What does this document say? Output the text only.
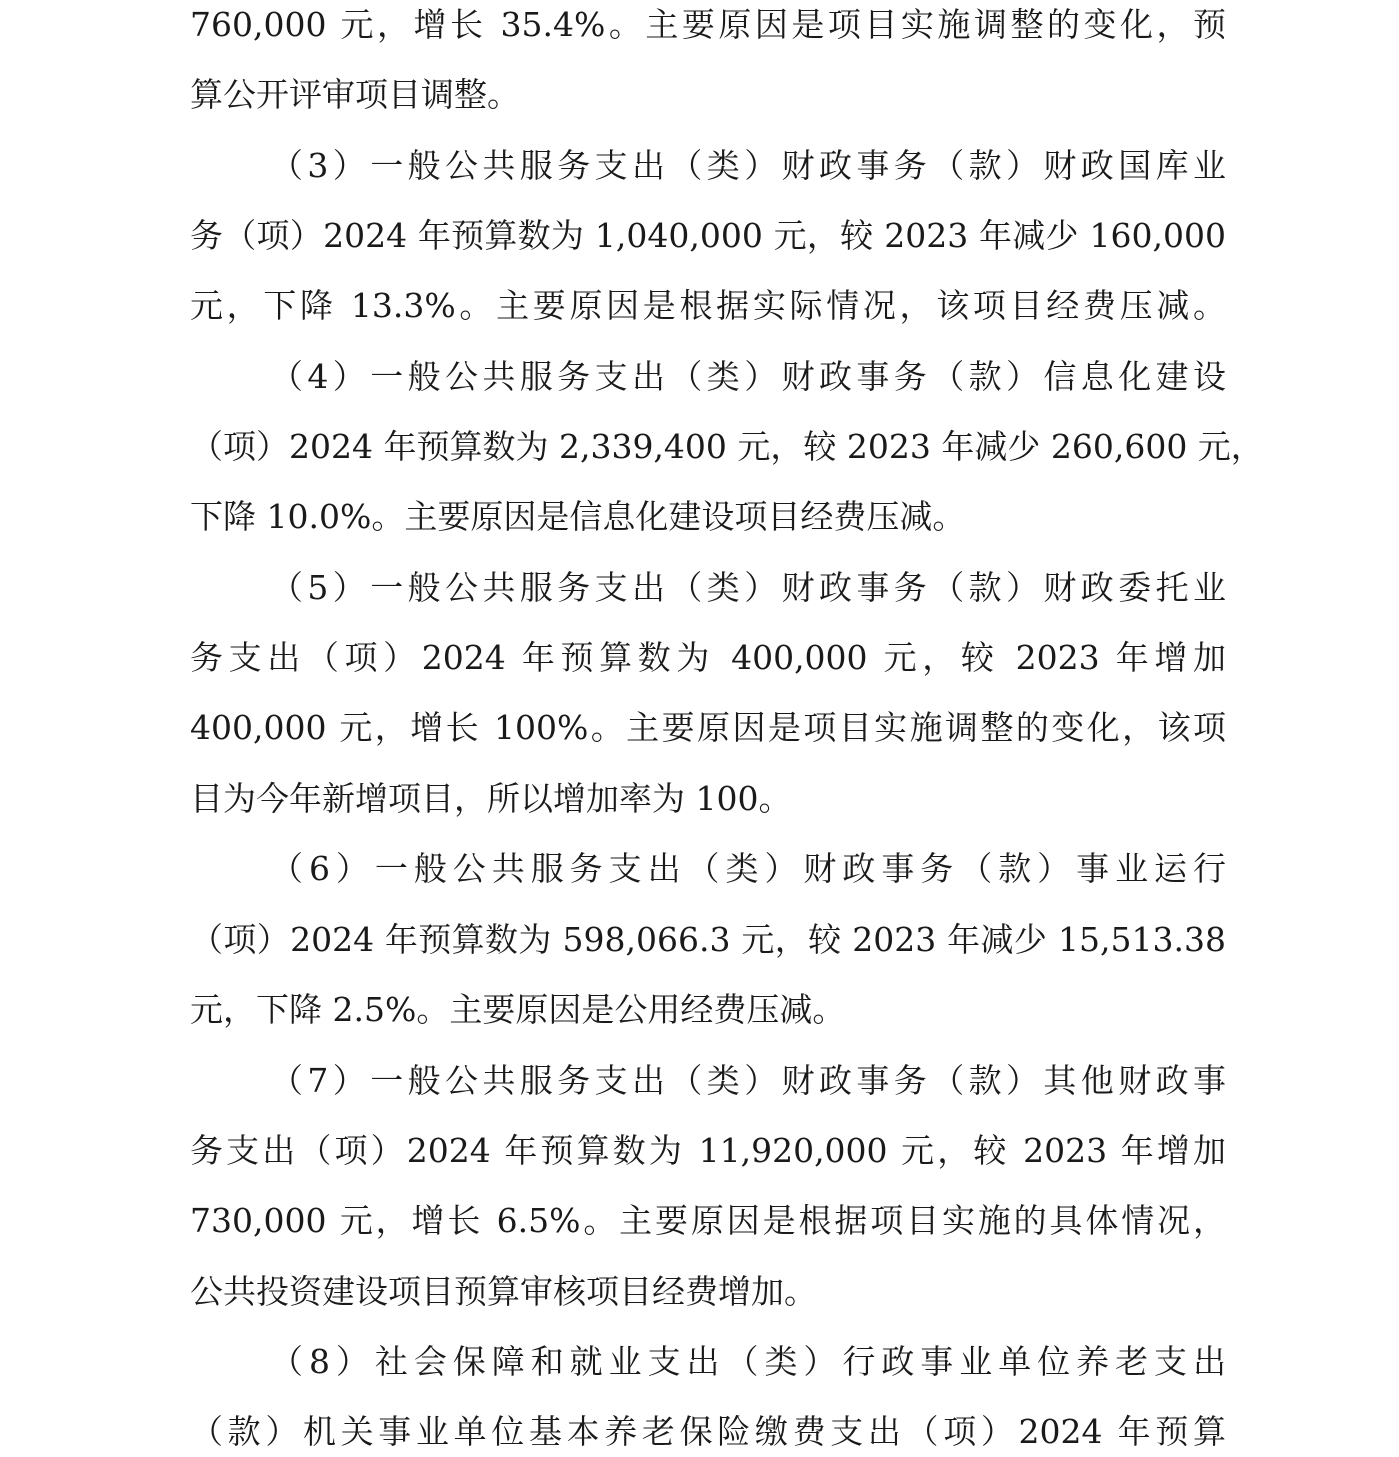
760,000 元，增长 35.4%。主要原因是项目实施调整的变化，预
算公开评审项目调整。
（3）一般公共服务支出（类）财政事务（款）财政国库业
务（项）2024 年预算数为 1,040,000 元，较 2023 年减少 160,000
元，下降 13.3%。主要原因是根据实际情况，该项目经费压减。
（4）一般公共服务支出（类）财政事务（款）信息化建设
（项）2024 年预算数为 2,339,400 元，较 2023 年减少 260,600 元，
下降 10.0%。主要原因是信息化建设项目经费压减。
（5）一般公共服务支出（类）财政事务（款）财政委托业
务支出（项）2024 年预算数为 400,000 元，较 2023 年增加
400,000 元，增长 100%。主要原因是项目实施调整的变化，该项
目为今年新增项目，所以增加率为 100。
（6）一般公共服务支出（类）财政事务（款）事业运行
（项）2024 年预算数为 598,066.3 元，较 2023 年减少 15,513.38
元，下降 2.5%。主要原因是公用经费压减。
（7）一般公共服务支出（类）财政事务（款）其他财政事
务支出（项）2024 年预算数为 11,920,000 元，较 2023 年增加
730,000 元，增长 6.5%。主要原因是根据项目实施的具体情况，
公共投资建设项目预算审核项目经费增加。
（8）社会保障和就业支出（类）行政事业单位养老支出
（款）机关事业单位基本养老保险缴费支出（项）2024 年预算
